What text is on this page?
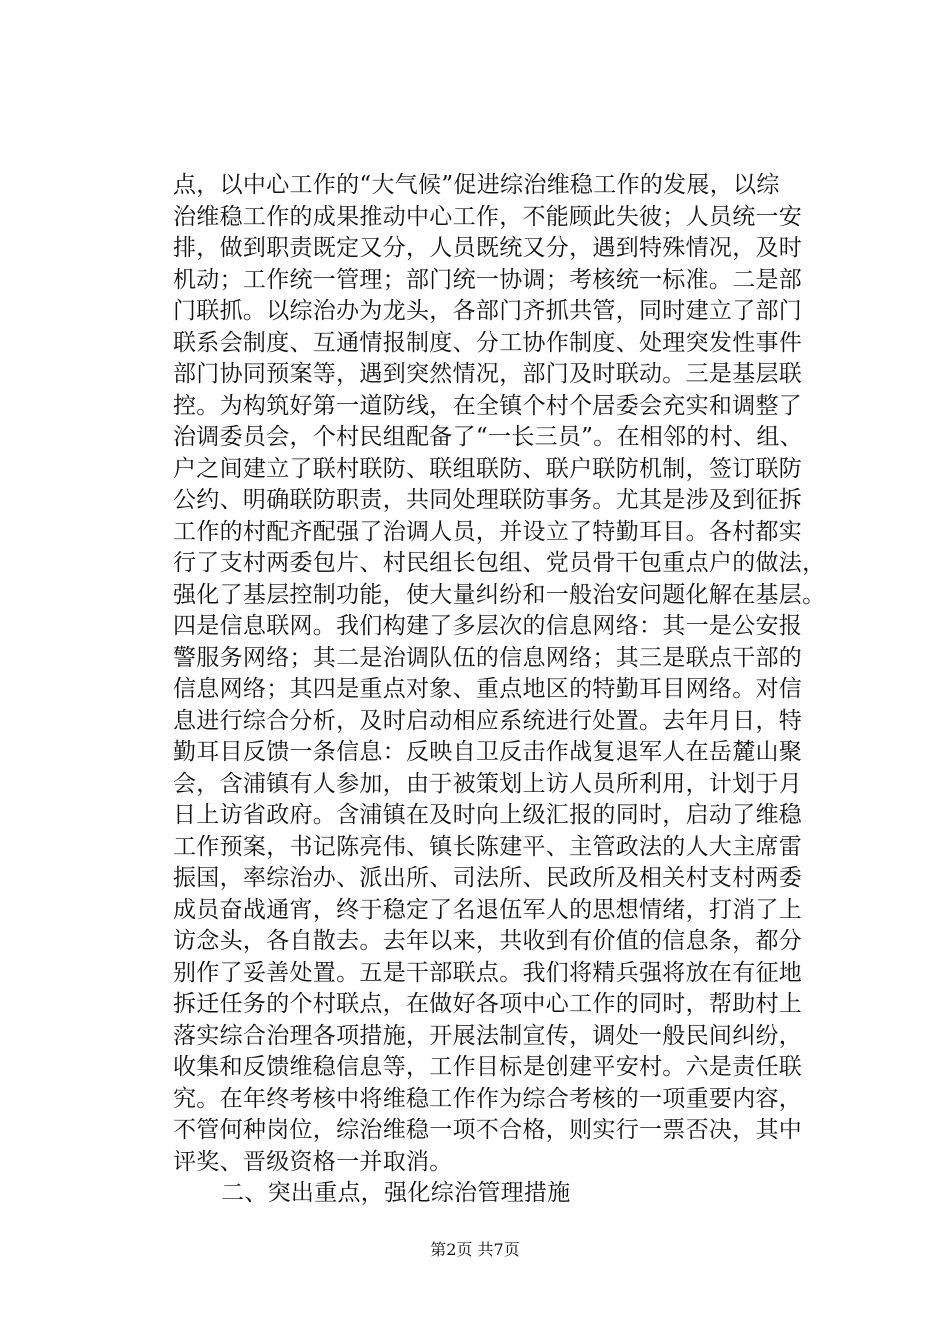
点，以中心工作的“大气候”促进综治维稳工作的发展，以综
治维稳工作的成果推动中心工作，不能顾此失彼；人员统一安
排，做到职责既定又分，人员既统又分，遇到特殊情况，及时
机动；工作统一管理；部门统一协调；考核统一标准。二是部
门联抓。以综治办为龙头，各部门齐抓共管，同时建立了部门
联系会制度、互通情报制度、分工协作制度、处理突发性事件
部门协同预案等，遇到突然情况，部门及时联动。三是基层联
控。为构筑好第一道防线，在全镇个村个居委会充实和调整了
治调委员会，个村民组配备了“一长三员”。在相邻的村、组、
户之间建立了联村联防、联组联防、联户联防机制，签订联防
公约、明确联防职责，共同处理联防事务。尤其是涉及到征拆
工作的村配齐配强了治调人员，并设立了特勤耳目。各村都实
行了支村两委包片、村民组长包组、党员骨干包重点户的做法，
强化了基层控制功能，使大量纠纷和一般治安问题化解在基层。
四是信息联网。我们构建了多层次的信息网络：其一是公安报
警服务网络；其二是治调队伍的信息网络；其三是联点干部的
信息网络；其四是重点对象、重点地区的特勤耳目网络。对信
息进行综合分析，及时启动相应系统进行处置。去年月日，特
勤耳目反馈一条信息：反映自卫反击作战复退军人在岳麓山聚
会，含浦镇有人参加，由于被策划上访人员所利用，计划于月
日上访省政府。含浦镇在及时向上级汇报的同时，启动了维稳
工作预案，书记陈亮伟、镇长陈建平、主管政法的人大主席雷
振国，率综治办、派出所、司法所、民政所及相关村支村两委
成员奋战通宵，终于稳定了名退伍军人的思想情绪，打消了上
访念头，各自散去。去年以来，共收到有价值的信息条，都分
别作了妥善处置。五是干部联点。我们将精兵强将放在有征地
拆迁任务的个村联点，在做好各项中心工作的同时，帮助村上
落实综合治理各项措施，开展法制宣传，调处一般民间纠纷，
收集和反馈维稳信息等，工作目标是创建平安村。六是责任联
究。在年终考核中将维稳工作作为综合考核的一项重要内容，
不管何种岗位，综治维稳一项不合格，则实行一票否决，其中
评奖、晋级资格一并取消。
二、突出重点，强化综治管理措施
第2页 共7页
